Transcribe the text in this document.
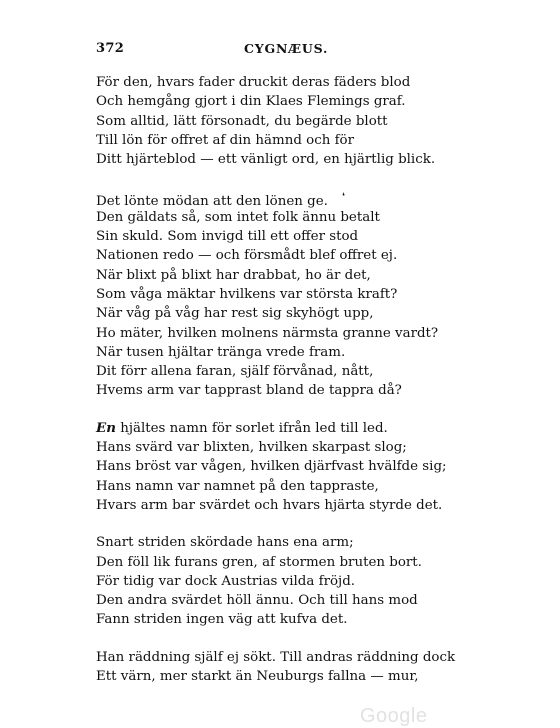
372	CYGNÆUS.
För den, hvars fader druckit deras fäders blod
Och hemgång gjort i din Klaes Flemings graf.
Som alltid, lätt försonadt, du begärde blott
Till lön för offret af din hämnd och för
Ditt hjärteblod — ett vänligt ord, en hjärtlig blick.
Det lönte mödan att den lönen ge. ❛
Den gäldats så, som intet folk ännu betalt
Sin skuld. Som invigd till ett offer stod
Nationen redo — och försmådt blef offret ej.
När blixt på blixt har drabbat, ho är det,
Som våga mäktar hvilkens var största kraft?
När våg på våg har rest sig skyhögt upp,
Ho mäter, hvilken molnens närmsta granne vardt?
När tusen hjältar tränga vrede fram.
Dit förr allena faran, själf förvånad, nått,
Hvems arm var tapprast bland de tappra då?
En hjältes namn för sorlet ifrån led till led.
Hans svärd var blixten, hvilken skarpast slog;
Hans bröst var vågen, hvilken djärfvast hvälfde sig;
Hans namn var namnet på den tappraste,
Hvars arm bar svärdet och hvars hjärta styrde det.
Snart striden skördade hans ena arm;
Den föll lik furans gren, af stormen bruten bort.
För tidig var dock Austrias vilda fröjd.
Den andra svärdet höll ännu. Och till hans mod
Fann striden ingen väg att kufva det.
Han räddning själf ej sökt. Till andras räddning dock
Ett värn, mer starkt än Neuburgs fallna — mur,
Google
